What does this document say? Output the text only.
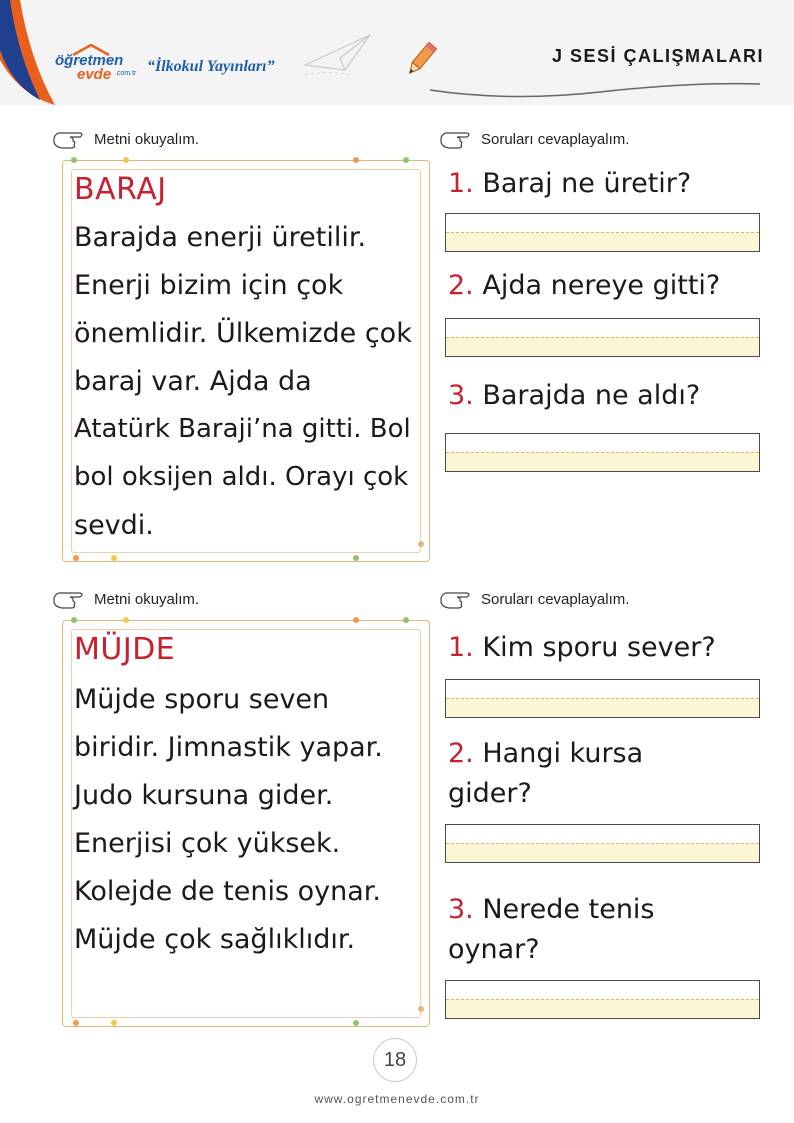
öğretmen
evde .com.tr “İlkokul Yayınları”
J SESİ ÇALIŞMALARI
Metni okuyalım.	Soruları cevaplayalım.
BARAJ
Barajda enerji üretilir.
Enerji bizim için çok
önemlidir. Ülkemizde çok
baraj var. Ajda da
Atatürk Baraji’na gitti. Bol
bol oksijen aldı. Orayı çok
sevdi.
1. Baraj ne üretir?
2. Ajda nereye gitti?
3. Barajda ne aldı?
Metni okuyalım.	Soruları cevaplayalım.
MÜJDE
Müjde sporu seven
biridir. Jimnastik yapar.
Judo kursuna gider.
Enerjisi çok yüksek.
Kolejde de tenis oynar.
Müjde çok sağlıklıdır.
1. Kim sporu sever?
2. Hangi kursa gider?
3. Nerede tenis oynar?
18
www.ogretmenevde.com.tr
